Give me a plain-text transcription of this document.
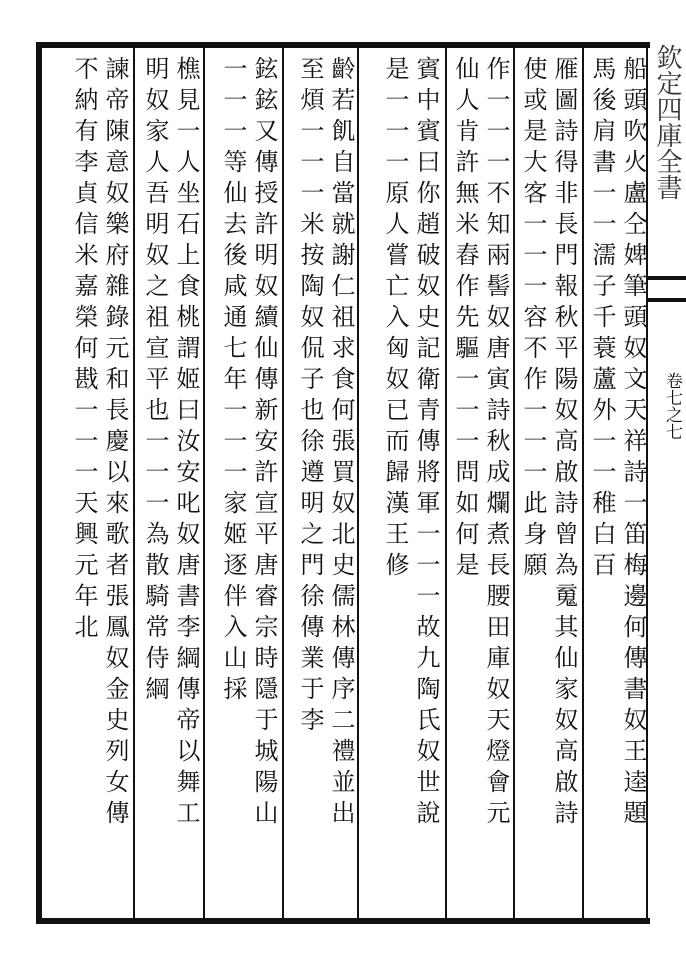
欽定四庫全書
卷七之七
船頭吹火盧仝婢筆頭奴文天祥詩一笛梅邊何傳書奴王逵題
馬後肩書一一濡子千蓑蘆外一一稚白百
雁圖詩得非長門報秋平陽奴高啟詩曾為䰟其仙家奴高啟詩
使或是大客一一一容不作一一一此身願
作一一一不知兩髻奴唐寅詩秋成爛煮長腰田庫奴天燈會元
仙人肯許無米舂作先驅一一一問如何是
賓中賓曰你趙破奴史記衛青傳將軍一一一故九陶氏奴世說
是一一一原人嘗亡入匈奴已而歸漢王修
齡若飢自當就謝仁祖求食何張買奴北史儒林傳序二禮並出
至煩一一一米按陶奴侃子也徐遵明之門徐傳業于李
鉉鉉又傳授許明奴續仙傳新安許宣平唐睿宗時隱于城陽山
一一一等仙去後咸通七年一一一家姬逐伴入山採
樵見一人坐石上食桃謂姬曰汝安叱奴唐書李綱傳帝以舞工
明奴家人吾明奴之祖宣平也一一一為散騎常侍綱
諫帝陳意奴樂府雜錄元和長慶以來歌者張鳳奴金史列女傳
不納有李貞信米嘉榮何戡一一一天興元年北
